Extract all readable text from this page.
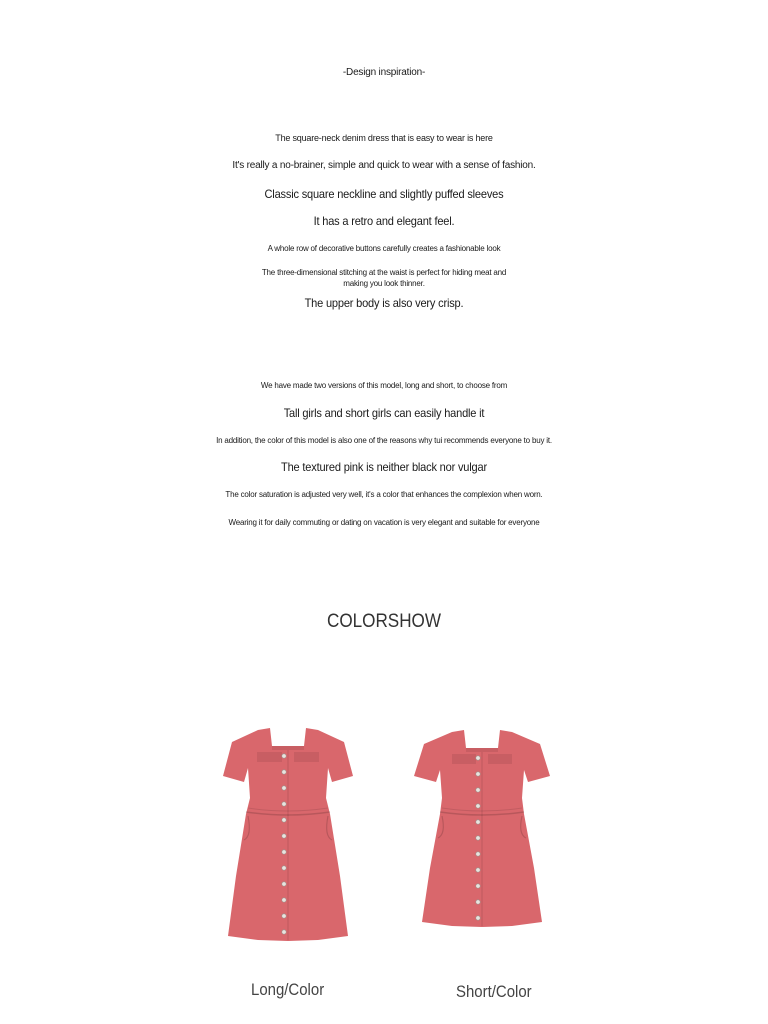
-Design inspiration-
The square-neck denim dress that is easy to wear is here
It's really a no-brainer, simple and quick to wear with a sense of fashion.
Classic square neckline and slightly puffed sleeves
It has a retro and elegant feel.
A whole row of decorative buttons carefully creates a fashionable look
The three-dimensional stitching at the waist is perfect for hiding meat and making you look thinner.
The upper body is also very crisp.
We have made two versions of this model, long and short, to choose from
Tall girls and short girls can easily handle it
In addition, the color of this model is also one of the reasons why tui recommends everyone to buy it.
The textured pink is neither black nor vulgar
The color saturation is adjusted very well, it's a color that enhances the complexion when worn.
Wearing it for daily commuting or dating on vacation is very elegant and suitable for everyone
COLORSHOW
Long/Color	Short/Color
